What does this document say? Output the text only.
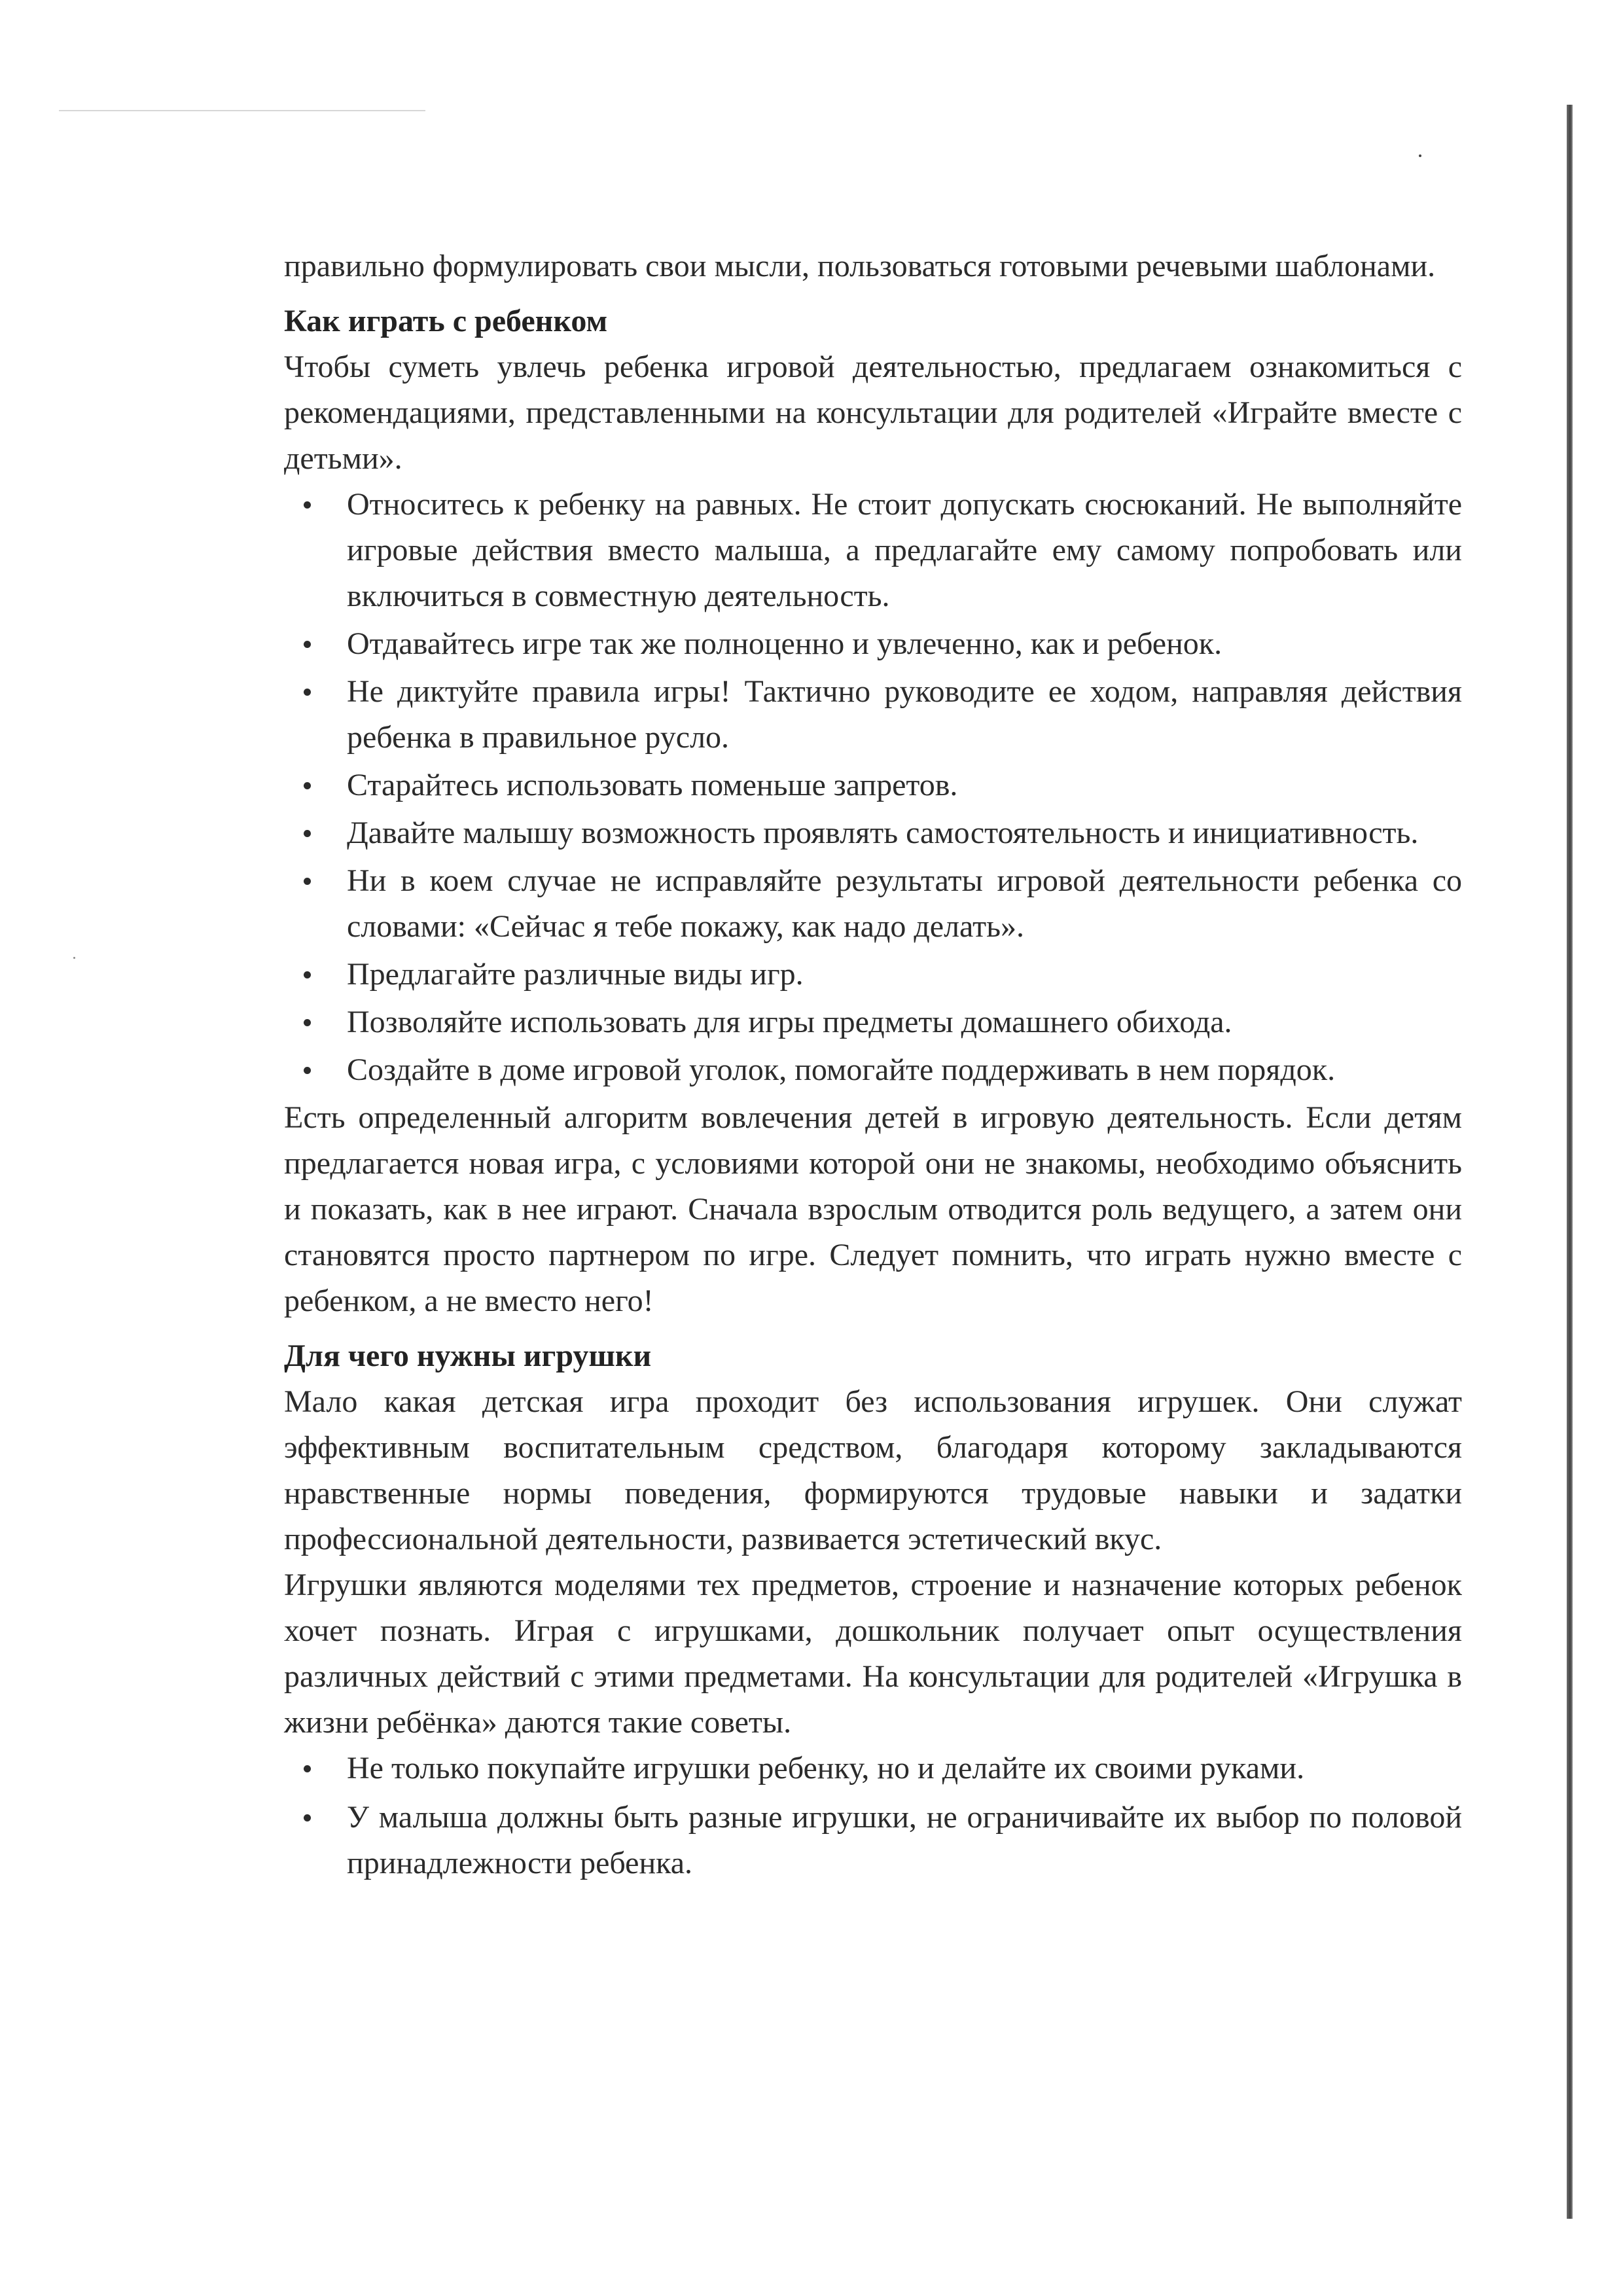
правильно формулировать свои мысли, пользоваться готовыми речевыми шаблонами.

Как играть с ребенком

Чтобы суметь увлечь ребенка игровой деятельностью, предлагаем ознакомиться с рекомендациями, представленными на консультации для родителей «Играйте вместе с детьми».

Относитесь к ребенку на равных. Не стоит допускать сюсюканий. Не выполняйте игровые действия вместо малыша, а предлагайте ему самому попробовать или включиться в совместную деятельность.
Отдавайтесь игре так же полноценно и увлеченно, как и ребенок.
Не диктуйте правила игры! Тактично руководите ее ходом, направляя действия ребенка в правильное русло.
Старайтесь использовать поменьше запретов.
Давайте малышу возможность проявлять самостоятельность и инициативность.
Ни в коем случае не исправляйте результаты игровой деятельности ребенка со словами: «Сейчас я тебе покажу, как надо делать».
Предлагайте различные виды игр.
Позволяйте использовать для игры предметы домашнего обихода.
Создайте в доме игровой уголок, помогайте поддерживать в нем порядок.

Есть определенный алгоритм вовлечения детей в игровую деятельность. Если детям предлагается новая игра, с условиями которой они не знакомы, необходимо объяснить и показать, как в нее играют. Сначала взрослым отводится роль ведущего, а затем они становятся просто партнером по игре. Следует помнить, что играть нужно вместе с ребенком, а не вместо него!

Для чего нужны игрушки

Мало какая детская игра проходит без использования игрушек. Они служат эффективным воспитательным средством, благодаря которому закладываются нравственные нормы поведения, формируются трудовые навыки и задатки профессиональной деятельности, развивается эстетический вкус.

Игрушки являются моделями тех предметов, строение и назначение которых ребенок хочет познать. Играя с игрушками, дошкольник получает опыт осуществления различных действий с этими предметами. На консультации для родителей «Игрушка в жизни ребёнка» даются такие советы.

Не только покупайте игрушки ребенку, но и делайте их своими руками.
У малыша должны быть разные игрушки, не ограничивайте их выбор по половой принадлежности ребенка.
